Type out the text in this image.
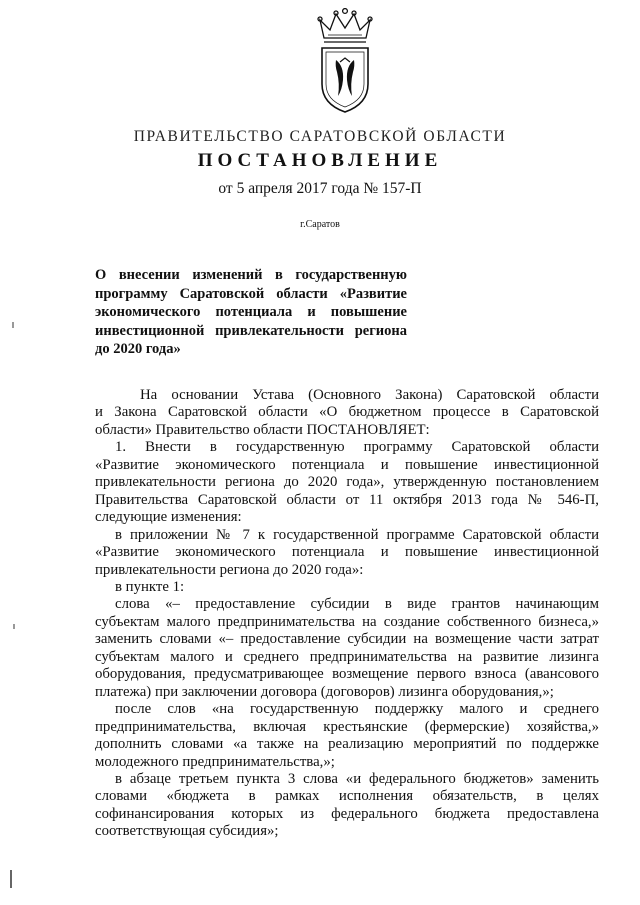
ПРАВИТЕЛЬСТВО САРАТОВСКОЙ ОБЛАСТИ
ПОСТАНОВЛЕНИЕ
от 5 апреля 2017 года № 157-П
г.Саратов
О внесении изменений в государственную
программу Саратовской области «Развитие
экономического потенциала и повышение
инвестиционной привлекательности региона
до 2020 года»
На основании Устава (Основного Закона) Саратовской области
и Закона Саратовской области «О бюджетном процессе в Саратовской
области» Правительство области ПОСТАНОВЛЯЕТ:
1. Внести в государственную программу Саратовской области
«Развитие экономического потенциала и повышение инвестиционной
привлекательности региона до 2020 года», утвержденную постановлением
Правительства Саратовской области от 11 октября 2013 года № 546-П,
следующие изменения:
в приложении № 7 к государственной программе Саратовской области
«Развитие экономического потенциала и повышение инвестиционной
привлекательности региона до 2020 года»:
в пункте 1:
слова «– предоставление субсидии в виде грантов начинающим
субъектам малого предпринимательства на создание собственного бизнеса,»
заменить словами «– предоставление субсидии на возмещение части затрат
субъектам малого и среднего предпринимательства на развитие лизинга
оборудования, предусматривающее возмещение первого взноса (авансового
платежа) при заключении договора (договоров) лизинга оборудования,»;
после слов «на государственную поддержку малого и среднего
предпринимательства, включая крестьянские (фермерские) хозяйства,»
дополнить словами «а также на реализацию мероприятий по поддержке
молодежного предпринимательства,»;
в абзаце третьем пункта 3 слова «и федерального бюджетов» заменить
словами «бюджета в рамках исполнения обязательств, в целях
софинансирования которых из федерального бюджета предоставлена
соответствующая субсидия»;
